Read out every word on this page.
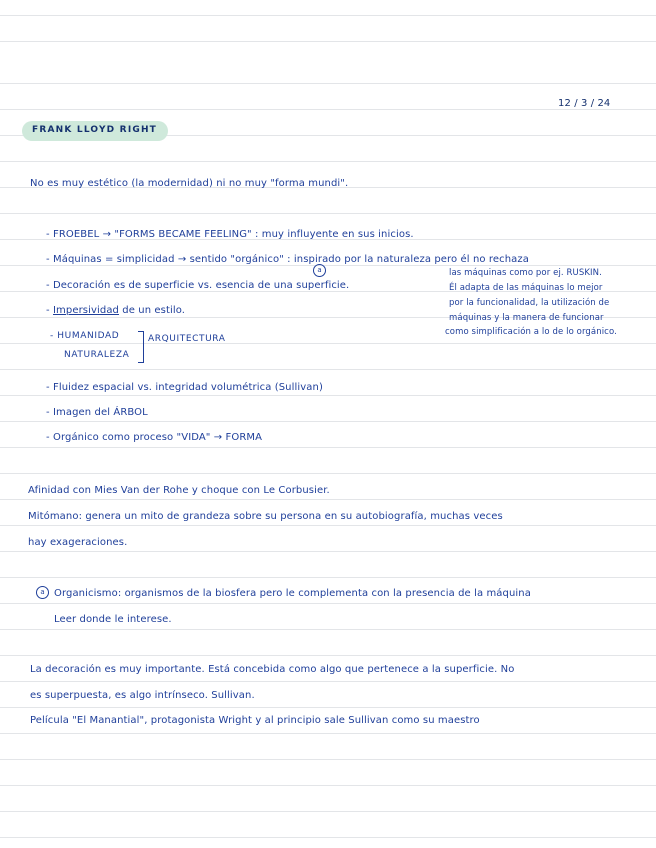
12 / 3 / 24
FRANK LLOYD RIGHT
No es muy estético (la modernidad) ni no muy "forma mundi".
- FROEBEL → "FORMS BECAME FEELING" : muy influyente en sus inicios.
- Máquinas = simplicidad → sentido "orgánico" : inspirado por la naturaleza pero él no rechaza
a
- Decoración es de superficie vs. esencia de una superficie.
- Impersividad de un estilo.
- HUMANIDAD
NATURALEZA
ARQUITECTURA
las máquinas como por ej. RUSKIN.
Él adapta de las máquinas lo mejor
por la funcionalidad, la utilización de
máquinas y la manera de funcionar
como simplificación a lo de lo orgánico.
- Fluidez espacial vs. integridad volumétrica (Sullivan)
- Imagen del ÁRBOL
- Orgánico como proceso "VIDA" → FORMA
Afinidad con Mies Van der Rohe y choque con Le Corbusier.
Mitómano: genera un mito de grandeza sobre su persona en su autobiografía, muchas veces
hay exageraciones.
a Organicismo: organismos de la biosfera pero le complementa con la presencia de la máquina
Leer donde le interese.
La decoración es muy importante. Está concebida como algo que pertenece a la superficie. No
es superpuesta, es algo intrínseco. Sullivan.
Película "El Manantial", protagonista Wright y al principio sale Sullivan como su maestro
